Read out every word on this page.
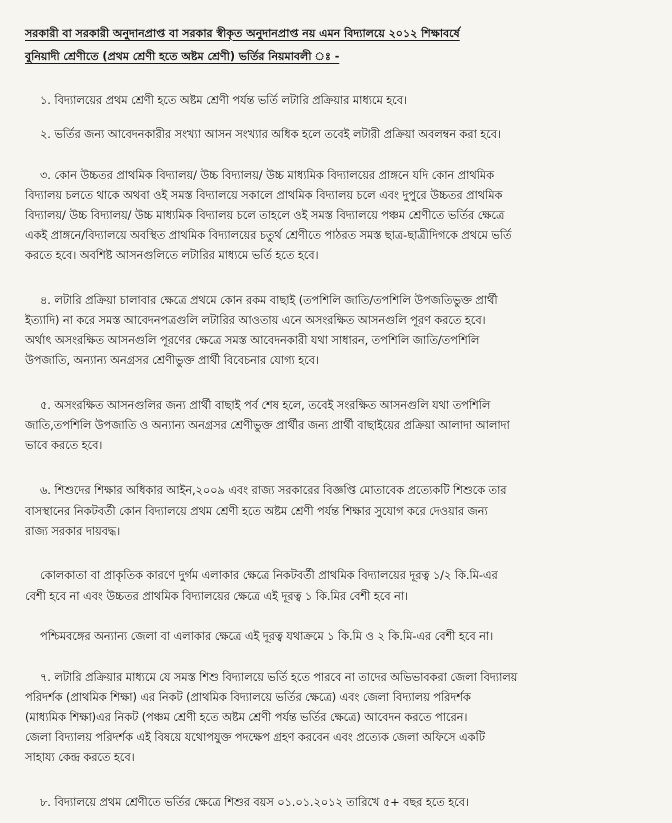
সরকারী বা সরকারী অনুদানপ্রাপ্ত বা সরকার স্বীকৃত অনুদানপ্রাপ্ত নয় এমন বিদ্যালয়ে ২০১২ শিক্ষাবর্ষে

বুনিয়াদী শ্রেণীতে (প্রথম শ্রেণী হতে অষ্টম শ্রেণী) ভর্তির নিয়মাবলী ঃ -

১. বিদ্যালয়ের প্রথম শ্রেণী হতে অষ্টম শ্রেণী পর্যন্ত ভর্তি লটারি প্রক্রিয়ার মাধ্যমে হবে।

২. ভর্তির জন্য আবেদনকারীর সংখ্যা আসন সংখ্যার অধিক হলে তবেই লটারী প্রক্রিয়া অবলম্বন করা হবে।

৩. কোন উচ্চতর প্রাথমিক বিদ্যালয়/ উচ্চ বিদ্যালয়/ উচ্চ মাধ্যমিক বিদ্যালয়ের প্রাঙ্গনে যদি কোন প্রাথমিক

বিদ্যালয় চলতে থাকে অথবা ওই সমস্ত বিদ্যালয়ে সকালে প্রাথমিক বিদ্যালয় চলে এবং দুপুরে উচ্চতর প্রাথমিক

বিদ্যালয়/ উচ্চ বিদ্যালয়/ উচ্চ মাধ্যমিক বিদ্যালয় চলে তাহলে ওই সমস্ত বিদ্যালয়ে পঞ্চম শ্রেণীতে ভর্তির ক্ষেত্রে

একই প্রাঙ্গনে/বিদ্যালয়ে অবস্থিত প্রাথমিক বিদ্যালয়ের চতুর্থ শ্রেণীতে পাঠরত সমস্ত ছাত্র-ছাত্রীদিগকে প্রথমে ভর্তি

করতে হবে। অবশিষ্ট আসনগুলিতে লটারির মাধ্যমে ভর্তি হতে হবে।

৪. লটারি প্রক্রিয়া চালাবার ক্ষেত্রে প্রথমে কোন রকম বাছাই (তপশিলি জাতি/তপশিলি উপজতিভুক্ত প্রার্থী

ইত্যাদি) না করে সমস্ত আবেদনপত্রগুলি লটারির আওতায় এনে অসংরক্ষিত আসনগুলি পূরণ করতে হবে।

অর্থাৎ অসংরক্ষিত আসনগুলি পূরণের ক্ষেত্রে সমস্ত আবেদনকারী যথা সাধারন, তপশিলি জাতি/তপশিলি

উপজাতি, অন্যান্য অনগ্রসর শ্রেণীভুক্ত প্রার্থী বিবেচনার যোগ্য হবে।

৫. অসংরক্ষিত আসনগুলির জন্য প্রার্থী বাছাই পর্ব শেষ হলে, তবেই সংরক্ষিত আসনগুলি যথা তপশিলি

জাতি,তপশিলি উপজাতি ও অন্যান্য অনগ্রসর শ্রেণীভুক্ত প্রার্থীর জন্য প্রার্থী বাছাইয়ের প্রক্রিয়া আলাদা আলাদা

ভাবে করতে হবে।

৬. শিশুদের শিক্ষার অধিকার আইন,২০০৯ এবং রাজ্য সরকারের বিজ্ঞপ্তি মোতাবেক প্রত্যেকটি শিশুকে তার

বাসস্থানের নিকটবর্তী কোন বিদ্যালয়ে প্রথম শ্রেণী হতে অষ্টম শ্রেণী পর্যন্ত শিক্ষার সুযোগ করে দেওয়ার জন্য

রাজ্য সরকার দায়বদ্ধ।

কোলকাতা বা প্রাকৃতিক কারণে দুর্গম এলাকার ক্ষেত্রে নিকটবর্তী প্রাথমিক বিদ্যালয়ের দূরত্ব ১/২ কি.মি-এর

বেশী হবে না এবং উচ্চতর প্রাথমিক বিদ্যালয়ের ক্ষেত্রে এই দূরত্ব ১ কি.মির বেশী হবে না।

পশ্চিমবঙ্গের অন্যান্য জেলা বা এলাকার ক্ষেত্রে এই দূরত্ব যথাক্রমে ১ কি.মি ও ২ কি.মি-এর বেশী হবে না।

৭. লটারি প্রক্রিয়ার মাধ্যমে যে সমস্ত শিশু বিদ্যালয়ে ভর্তি হতে পারবে না তাদের অভিভাবকরা জেলা বিদ্যালয়

পরিদর্শক (প্রাথমিক শিক্ষা) এর নিকট (প্রাথমিক বিদ্যালয়ে ভর্তির ক্ষেত্রে) এবং জেলা বিদ্যালয় পরিদর্শক

(মাধ্যমিক শিক্ষা)এর নিকট (পঞ্চম শ্রেণী হতে অষ্টম শ্রেণী পর্যন্ত ভর্তির ক্ষেত্রে) আবেদন করতে পারেন।

জেলা বিদ্যালয় পরিদর্শক এই বিষয়ে যথোপযুক্ত পদক্ষেপ গ্রহণ করবেন এবং প্রত্যেক জেলা অফিসে একটি

সাহায্য কেন্দ্র করতে হবে।

৮. বিদ্যালয়ে প্রথম শ্রেণীতে ভর্তির ক্ষেত্রে শিশুর বয়স ০১.০১.২০১২ তারিখে ৫+ বছর হতে হবে।
